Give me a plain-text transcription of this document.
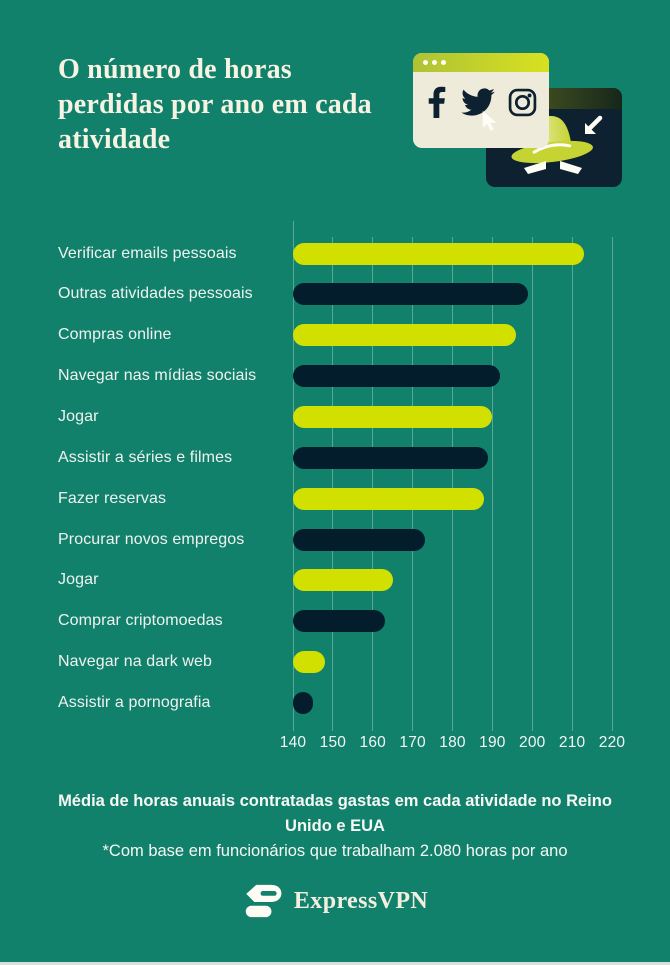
O número de horas perdidas por ano em cada atividade
140 150 160 170 180 190 200 210 220
Verificar emails pessoais
Outras atividades pessoais
Compras online
Navegar nas mídias sociais
Jogar
Assistir a séries e filmes
Fazer reservas
Procurar novos empregos
Jogar
Comprar criptomoedas
Navegar na dark web
Assistir a pornografia

Média de horas anuais contratadas gastas em cada atividade no Reino Unido e EUA

*Com base em funcionários que trabalham 2.080 horas por ano

ExpressVPN
